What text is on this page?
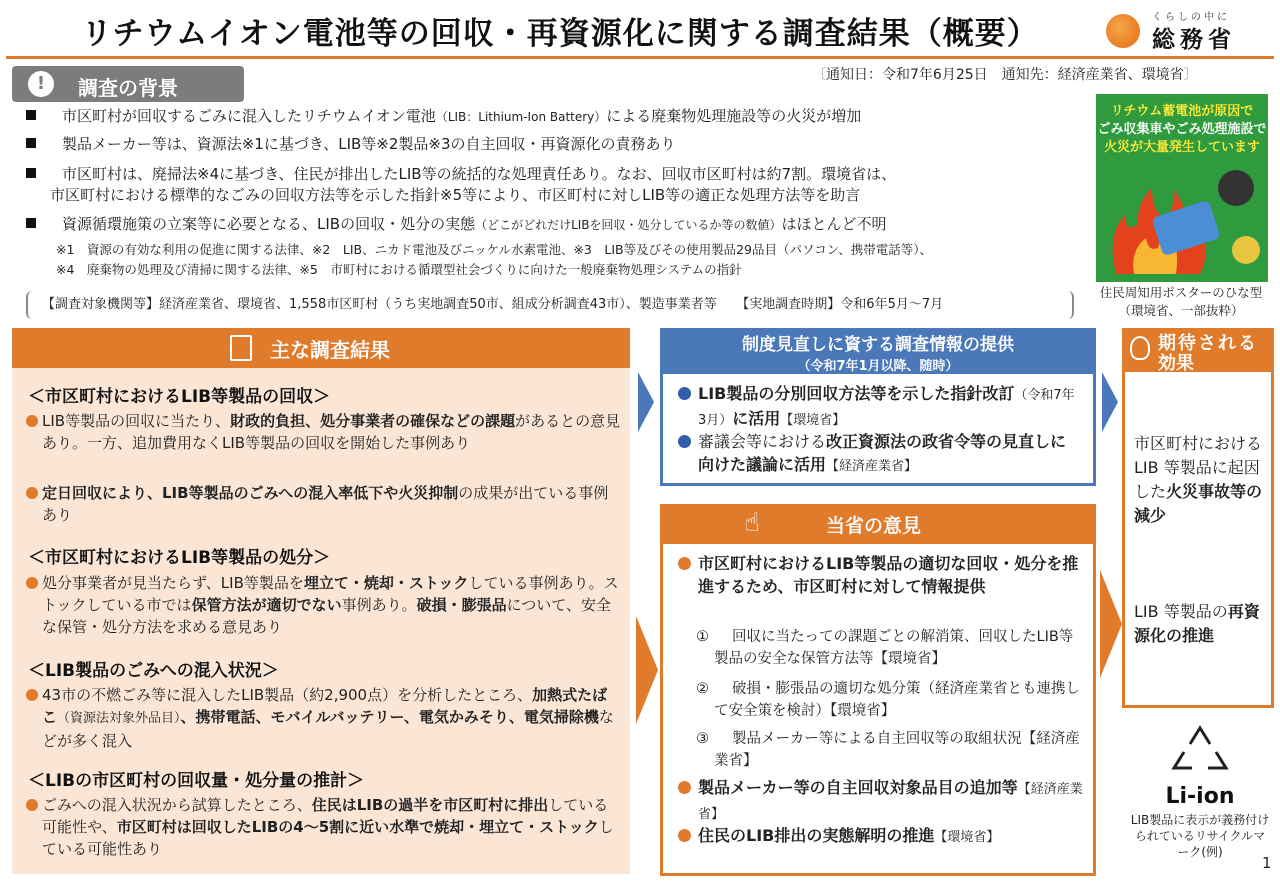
リチウムイオン電池等の回収・再資源化に関する調査結果（概要）	くらしの中に
総務省
!	調査の背景
〔通知日：令和7年6月25日　通知先：経済産業省、環境省〕
市区町村が回収するごみに混入したリチウムイオン電池（LIB：Lithium-Ion Battery）による廃棄物処理施設等の火災が増加
製品メーカー等は、資源法※1に基づき、LIB等※2製品※3の自主回収・再資源化の責務あり
市区町村は、廃掃法※4に基づき、住民が排出したLIB等の統括的な処理責任あり。なお、回収市区町村は約7割。環境省は、
市区町村における標準的なごみの回収方法等を示した指針※5等により、市区町村に対しLIB等の適正な処理方法等を助言
資源循環施策の立案等に必要となる、LIBの回収・処分の実態（どこがどれだけLIBを回収・処分しているか等の数値）はほとんど不明
※1　資源の有効な利用の促進に関する法律、※2　LIB、ニカド電池及びニッケル水素電池、※3　LIB等及びその使用製品29品目（パソコン、携帯電話等）、
※4　廃棄物の処理及び清掃に関する法律、※5　市町村における循環型社会づくりに向けた一般廃棄物処理システムの指針
リチウム蓄電池が原因で
ごみ収集車やごみ処理施設で
火災が大量発生しています
住民周知用ポスターのひな型
（環境省、一部抜粋）
【調査対象機関等】経済産業省、環境省、1,558市区町村（うち実地調査50市、組成分析調査43市）、製造事業者等　　【実地調査時期】令和6年5月～7月
主な調査結果
＜市区町村におけるLIB等製品の回収＞
LIB等製品の回収に当たり、財政的負担、処分事業者の確保などの課題があるとの意見あり。一方、追加費用なくLIB等製品の回収を開始した事例あり
定日回収により、LIB等製品のごみへの混入率低下や火災抑制の成果が出ている事例あり
＜市区町村におけるLIB等製品の処分＞
処分事業者が見当たらず、LIB等製品を埋立て・焼却・ストックしている事例あり。ストックしている市では保管方法が適切でない事例あり。破損・膨張品について、安全な保管・処分方法を求める意見あり
＜LIB製品のごみへの混入状況＞
43市の不燃ごみ等に混入したLIB製品（約2,900点）を分析したところ、加熱式たばこ（資源法対象外品目）、携帯電話、モバイルバッテリー、電気かみそり、電気掃除機などが多く混入
＜LIBの市区町村の回収量・処分量の推計＞
ごみへの混入状況から試算したところ、住民はLIBの過半を市区町村に排出している可能性や、市区町村は回収したLIBの4～5割に近い水準で焼却・埋立て・ストックしている可能性あり
制度見直しに資する調査情報の提供
（令和7年1月以降、随時）
LIB製品の分別回収方法等を示した指針改訂（令和7年3月）に活用【環境省】
審議会等における改正資源法の政省令等の見直しに向けた議論に活用【経済産業省】
☝	当省の意見
市区町村におけるLIB等製品の適切な回収・処分を推進するため、市区町村に対して情報提供
① 回収に当たっての課題ごとの解消策、回収したLIB等製品の安全な保管方法等【環境省】
② 破損・膨張品の適切な処分策（経済産業省とも連携して安全策を検討）【環境省】
③ 製品メーカー等による自主回収等の取組状況【経済産業省】
製品メーカー等の自主回収対象品目の追加等【経済産業省】
住民のLIB排出の実態解明の推進【環境省】
期待される
効果
市区町村における LIB 等製品に起因した火災事故等の減少
LIB 等製品の再資源化の推進
Li-ion
LIB製品に表示が義務付けられているリサイクルマーク(例)
1
